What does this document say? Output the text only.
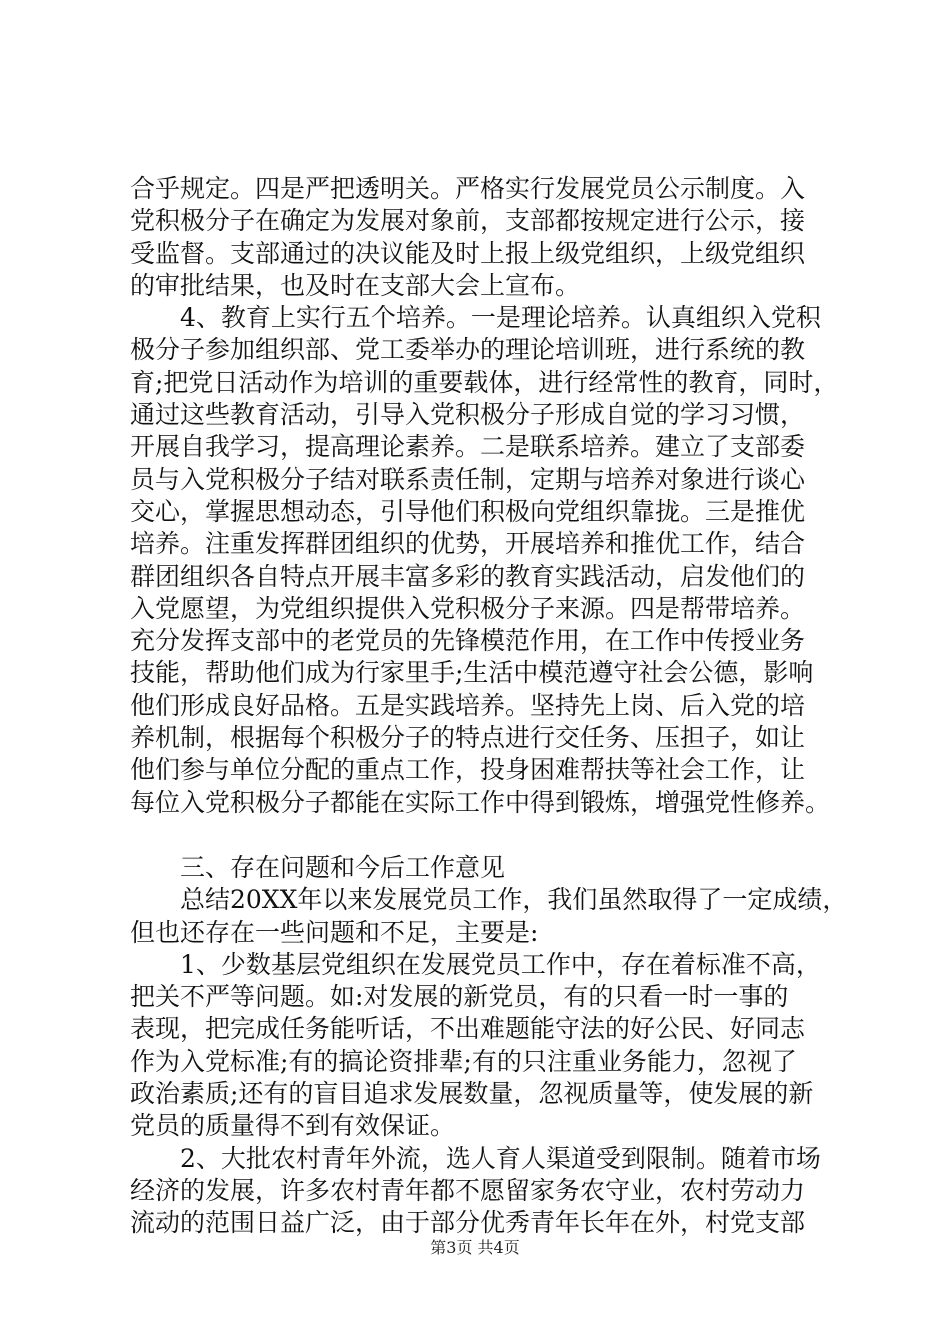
合乎规定。四是严把透明关。严格实行发展党员公示制度。入
党积极分子在确定为发展对象前，支部都按规定进行公示，接
受监督。支部通过的决议能及时上报上级党组织，上级党组织
的审批结果，也及时在支部大会上宣布。
4、教育上实行五个培养。一是理论培养。认真组织入党积
极分子参加组织部、党工委举办的理论培训班，进行系统的教
育;把党日活动作为培训的重要载体，进行经常性的教育，同时，
通过这些教育活动，引导入党积极分子形成自觉的学习习惯，
开展自我学习，提高理论素养。二是联系培养。建立了支部委
员与入党积极分子结对联系责任制，定期与培养对象进行谈心
交心，掌握思想动态，引导他们积极向党组织靠拢。三是推优
培养。注重发挥群团组织的优势，开展培养和推优工作，结合
群团组织各自特点开展丰富多彩的教育实践活动，启发他们的
入党愿望，为党组织提供入党积极分子来源。四是帮带培养。
充分发挥支部中的老党员的先锋模范作用，在工作中传授业务
技能，帮助他们成为行家里手;生活中模范遵守社会公德，影响
他们形成良好品格。五是实践培养。坚持先上岗、后入党的培
养机制，根据每个积极分子的特点进行交任务、压担子，如让
他们参与单位分配的重点工作，投身困难帮扶等社会工作，让
每位入党积极分子都能在实际工作中得到锻炼，增强党性修养。
三、存在问题和今后工作意见
总结20XX年以来发展党员工作，我们虽然取得了一定成绩，
但也还存在一些问题和不足，主要是:
1、少数基层党组织在发展党员工作中，存在着标准不高，
把关不严等问题。如:对发展的新党员，有的只看一时一事的
表现，把完成任务能听话，不出难题能守法的好公民、好同志
作为入党标准;有的搞论资排辈;有的只注重业务能力，忽视了
政治素质;还有的盲目追求发展数量，忽视质量等，使发展的新
党员的质量得不到有效保证。
2、大批农村青年外流，选人育人渠道受到限制。随着市场
经济的发展，许多农村青年都不愿留家务农守业，农村劳动力
流动的范围日益广泛，由于部分优秀青年长年在外，村党支部
第3页 共4页
